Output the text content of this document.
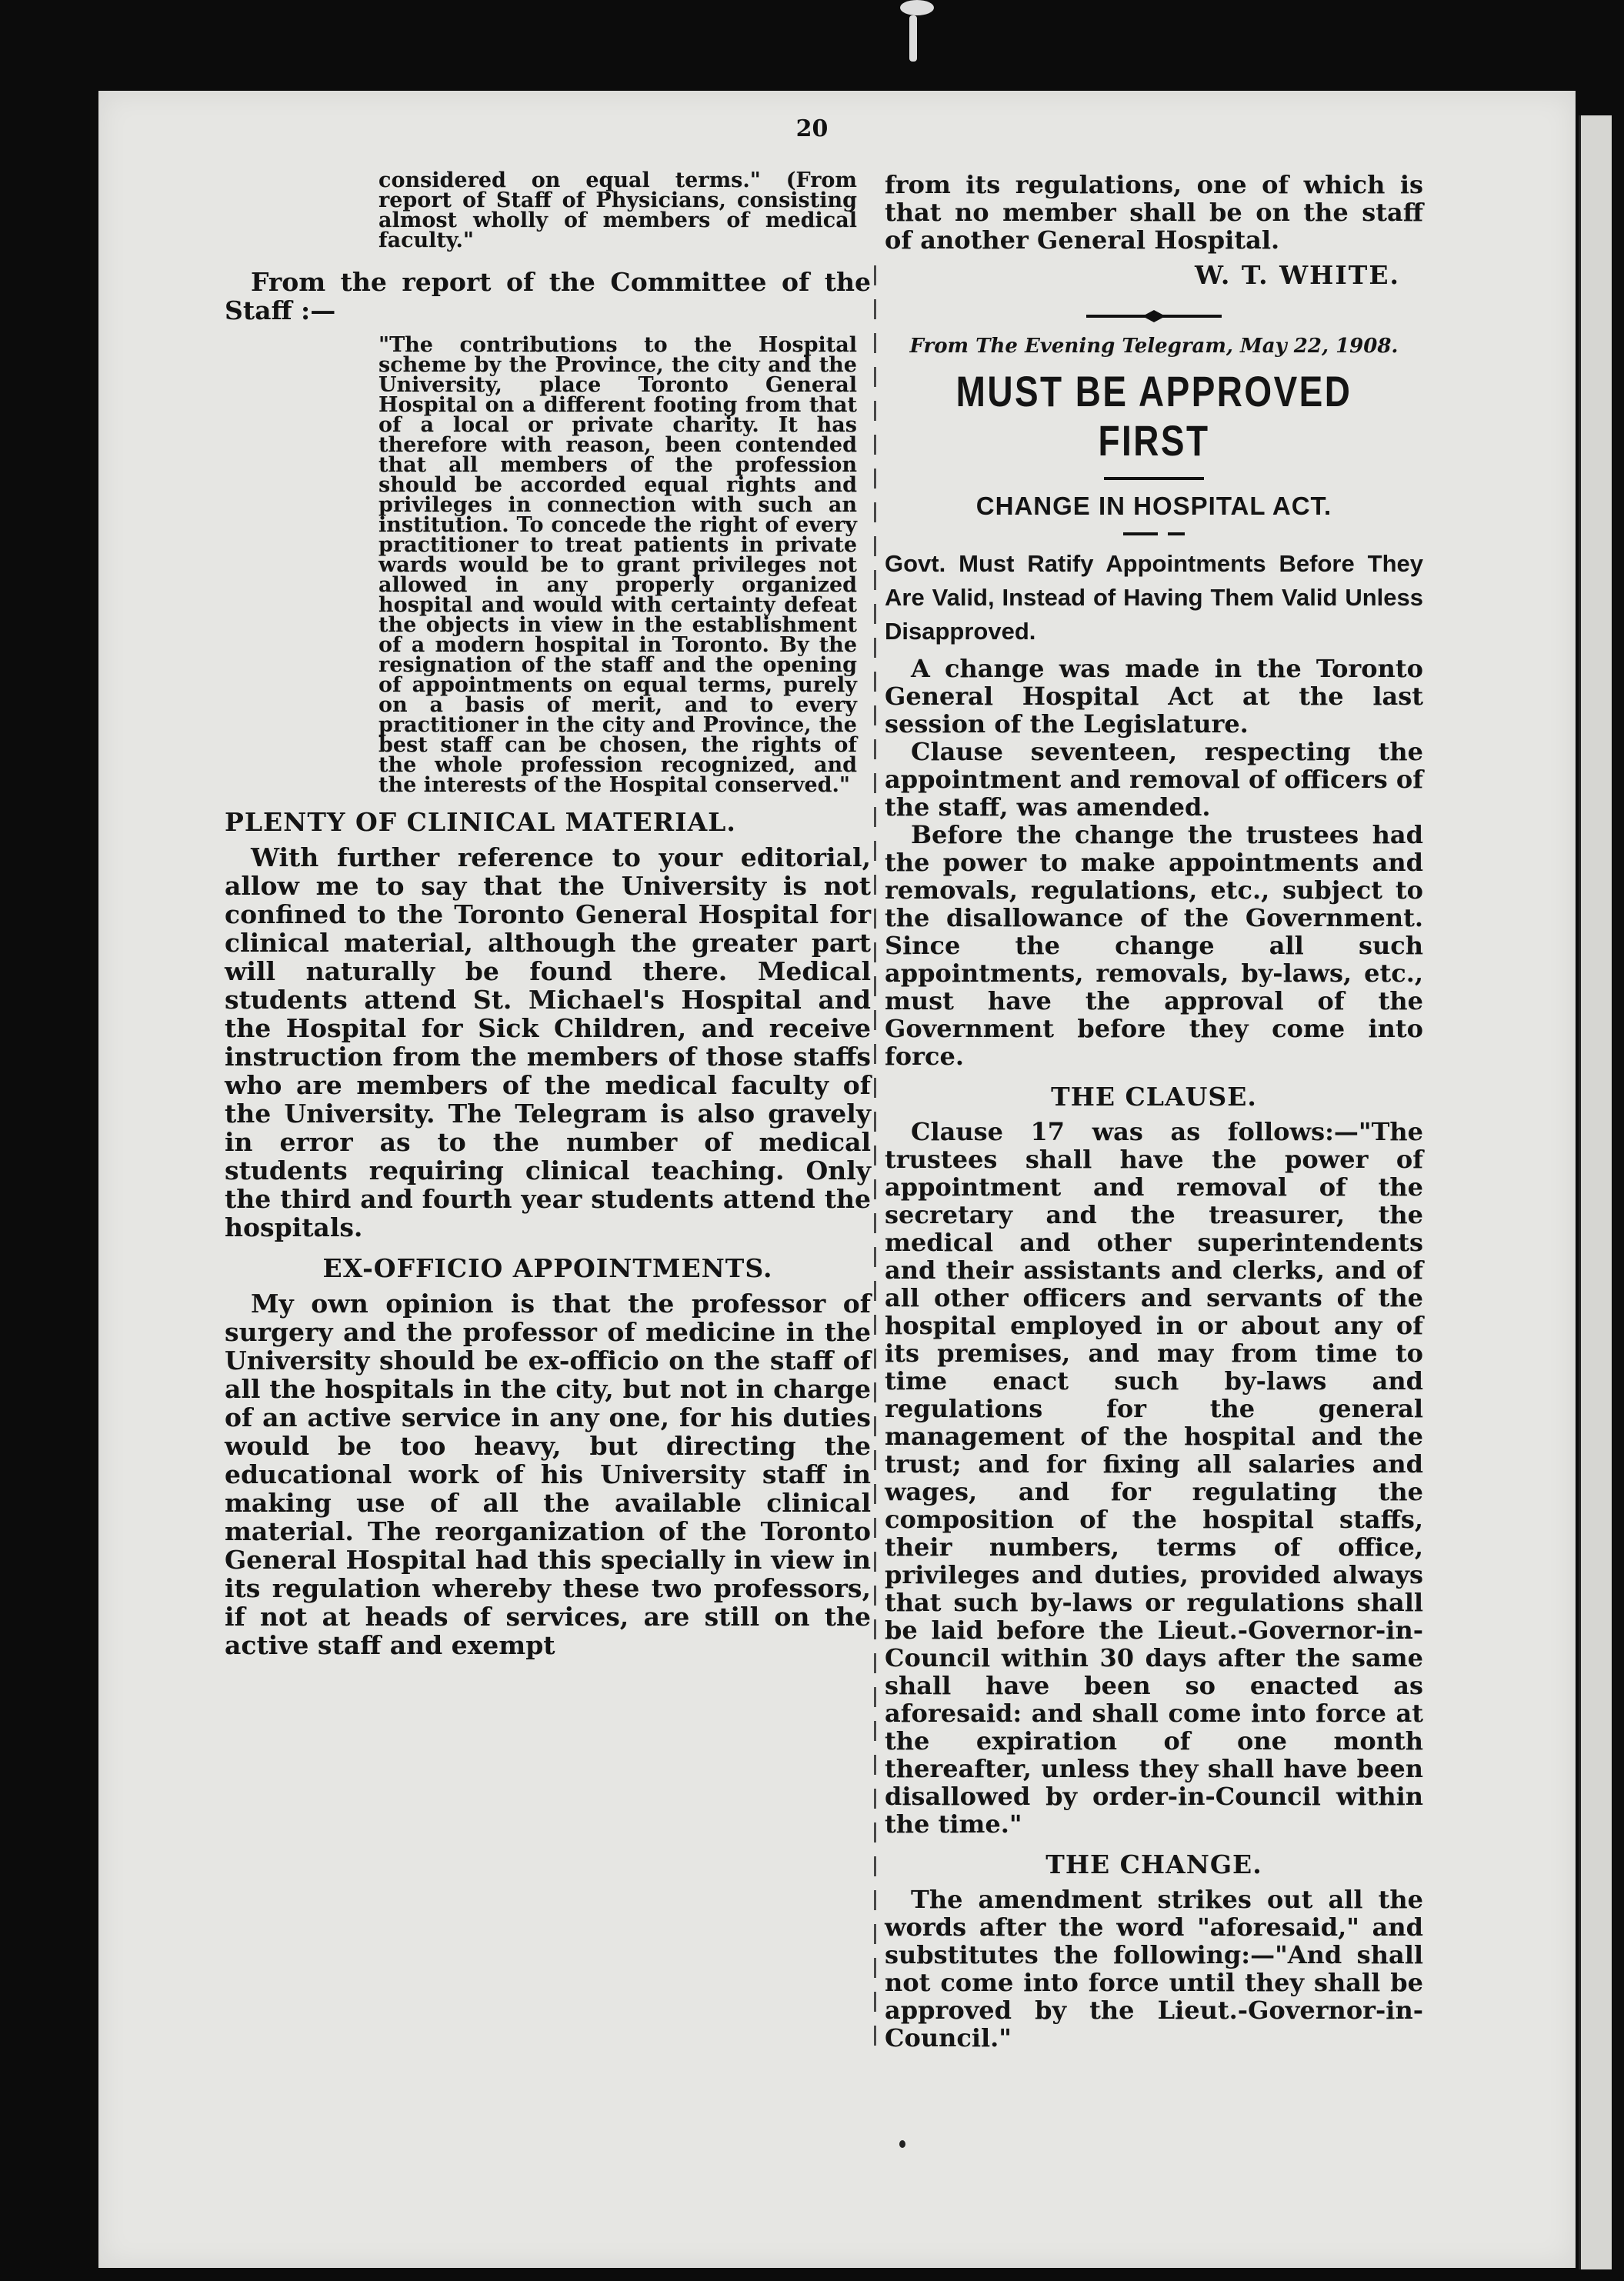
20

considered on equal terms." (From report of Staff of Physicians, consisting almost wholly of members of medical faculty."

From the report of the Committee of the Staff :—

"The contributions to the Hospital scheme by the Province, the city and the University, place Toronto General Hospital on a different footing from that of a local or private charity. It has therefore with reason, been contended that all members of the profession should be accorded equal rights and privileges in connection with such an institution. To concede the right of every practitioner to treat patients in private wards would be to grant privileges not allowed in any properly organized hospital and would with certainty defeat the objects in view in the establishment of a modern hospital in Toronto. By the resignation of the staff and the opening of appointments on equal terms, purely on a basis of merit, and to every practitioner in the city and Province, the best staff can be chosen, the rights of the whole profession recognized, and the interests of the Hospital conserved."

PLENTY OF CLINICAL MATERIAL.

With further reference to your editorial, allow me to say that the University is not confined to the Toronto General Hospital for clinical material, although the greater part will naturally be found there. Medical students attend St. Michael's Hospital and the Hospital for Sick Children, and receive instruction from the members of those staffs who are members of the medical faculty of the University. The Telegram is also gravely in error as to the number of medical students requiring clinical teaching. Only the third and fourth year students attend the hospitals.

EX-OFFICIO APPOINTMENTS.

My own opinion is that the professor of surgery and the professor of medicine in the University should be ex-officio on the staff of all the hospitals in the city, but not in charge of an active service in any one, for his duties would be too heavy, but directing the educational work of his University staff in making use of all the available clinical material. The reorganization of the Toronto General Hospital had this specially in view in its regulation whereby these two professors, if not at heads of services, are still on the active staff and exempt

from its regulations, one of which is that no member shall be on the staff of another General Hospital.

W. T. WHITE.
From The Evening Telegram, May 22, 1908.
MUST BE APPROVED FIRST
CHANGE IN HOSPITAL ACT.
Govt. Must Ratify Appointments Before They Are Valid, Instead of Having Them Valid Unless Disapproved.

A change was made in the Toronto General Hospital Act at the last session of the Legislature.

Clause seventeen, respecting the appointment and removal of officers of the staff, was amended.

Before the change the trustees had the power to make appointments and removals, regulations, etc., subject to the disallowance of the Government. Since the change all such appointments, removals, by-laws, etc., must have the approval of the Government before they come into force.

THE CLAUSE.

Clause 17 was as follows:—"The trustees shall have the power of appointment and removal of the secretary and the treasurer, the medical and other superintendents and their assistants and clerks, and of all other officers and servants of the hospital employed in or about any of its premises, and may from time to time enact such by-laws and regulations for the general management of the hospital and the trust; and for fixing all salaries and wages, and for regulating the composition of the hospital staffs, their numbers, terms of office, privileges and duties, provided always that such by-laws or regulations shall be laid before the Lieut.-Governor-in-Council within 30 days after the same shall have been so enacted as aforesaid: and shall come into force at the expiration of one month thereafter, unless they shall have been disallowed by order-in-Council within the time."

THE CHANGE.

The amendment strikes out all the words after the word "aforesaid," and substitutes the following:—"And shall not come into force until they shall be approved by the Lieut.-Governor-in-Council."
